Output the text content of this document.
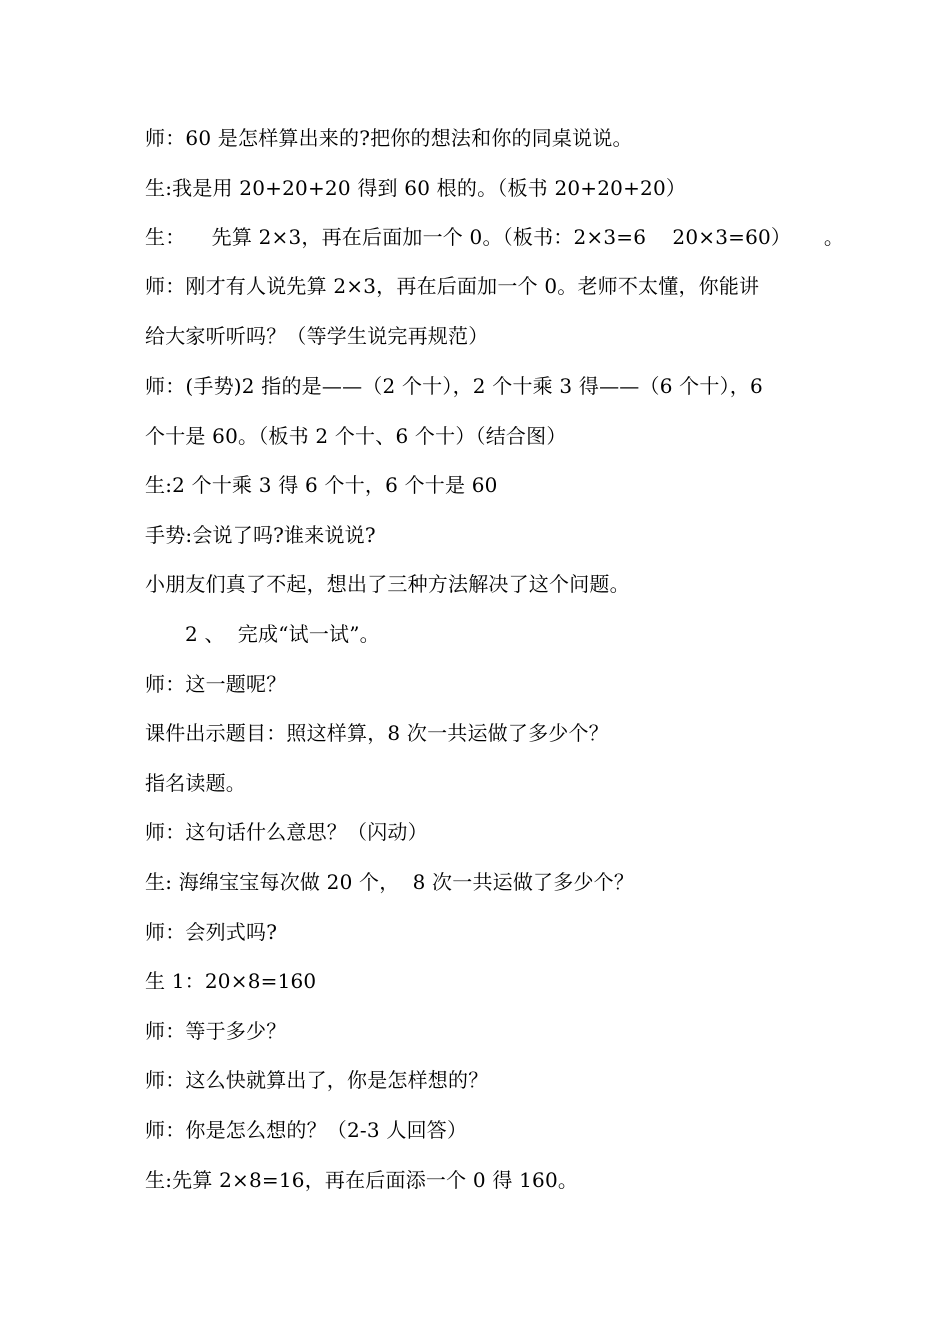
师：60 是怎样算出来的?把你的想法和你的同桌说说。
生:我是用 20+20+20 得到 60 根的。（板书 20+20+20）
生：    先算 2×3，再在后面加一个 0。（板书：2×3=6    20×3=60）     。
师：刚才有人说先算 2×3，再在后面加一个 0。老师不太懂，你能讲
给大家听听吗？（等学生说完再规范）
师：(手势)2 指的是——（2 个十），2 个十乘 3 得——（6 个十），6
个十是 60。（板书 2 个十、6 个十）（结合图）
生:2 个十乘 3 得 6 个十，6 个十是 60
手势:会说了吗?谁来说说?
小朋友们真了不起，想出了三种方法解决了这个问题。
2 、  完成“试一试”。
师：这一题呢？
课件出示题目：照这样算，8 次一共运做了多少个？
指名读题。
师：这句话什么意思？（闪动）
生: 海绵宝宝每次做 20 个，  8 次一共运做了多少个？
师：会列式吗?
生 1：20×8=160
师：等于多少？
师：这么快就算出了，你是怎样想的？
师：你是怎么想的？（2-3 人回答）
生:先算 2×8=16，再在后面添一个 0 得 160。
